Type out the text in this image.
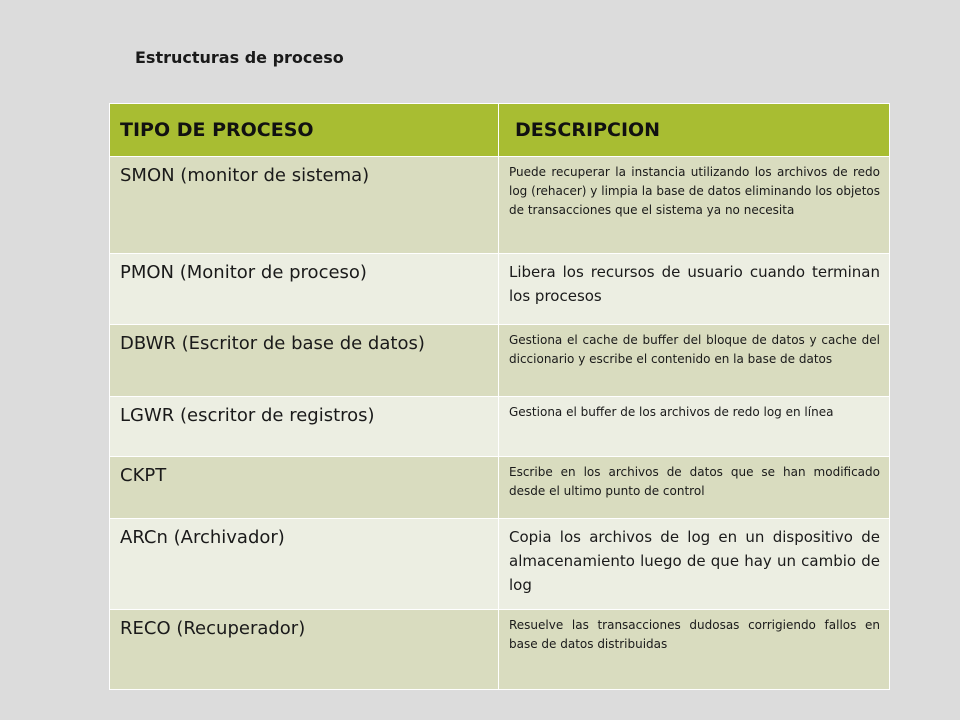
Estructuras de proceso
TIPO DE PROCESO	DESCRIPCION
SMON (monitor de sistema)	Puede recuperar la instancia utilizando los archivos de redo log (rehacer) y limpia la base de datos eliminando los objetos de transacciones que el sistema ya no necesita
PMON (Monitor de proceso)	Libera los recursos de usuario cuando terminan los procesos
DBWR (Escritor de base de datos)	Gestiona el cache de buffer del bloque de datos y cache del diccionario y escribe el contenido en la base de datos
LGWR (escritor de registros)	Gestiona el buffer de los archivos de redo log en línea
CKPT	Escribe en los archivos de datos que se han modificado desde el ultimo punto de control
ARCn (Archivador)	Copia los archivos de log en un dispositivo de almacenamiento luego de que hay un cambio de log
RECO (Recuperador)	Resuelve las transacciones dudosas corrigiendo fallos en base de datos distribuidas
